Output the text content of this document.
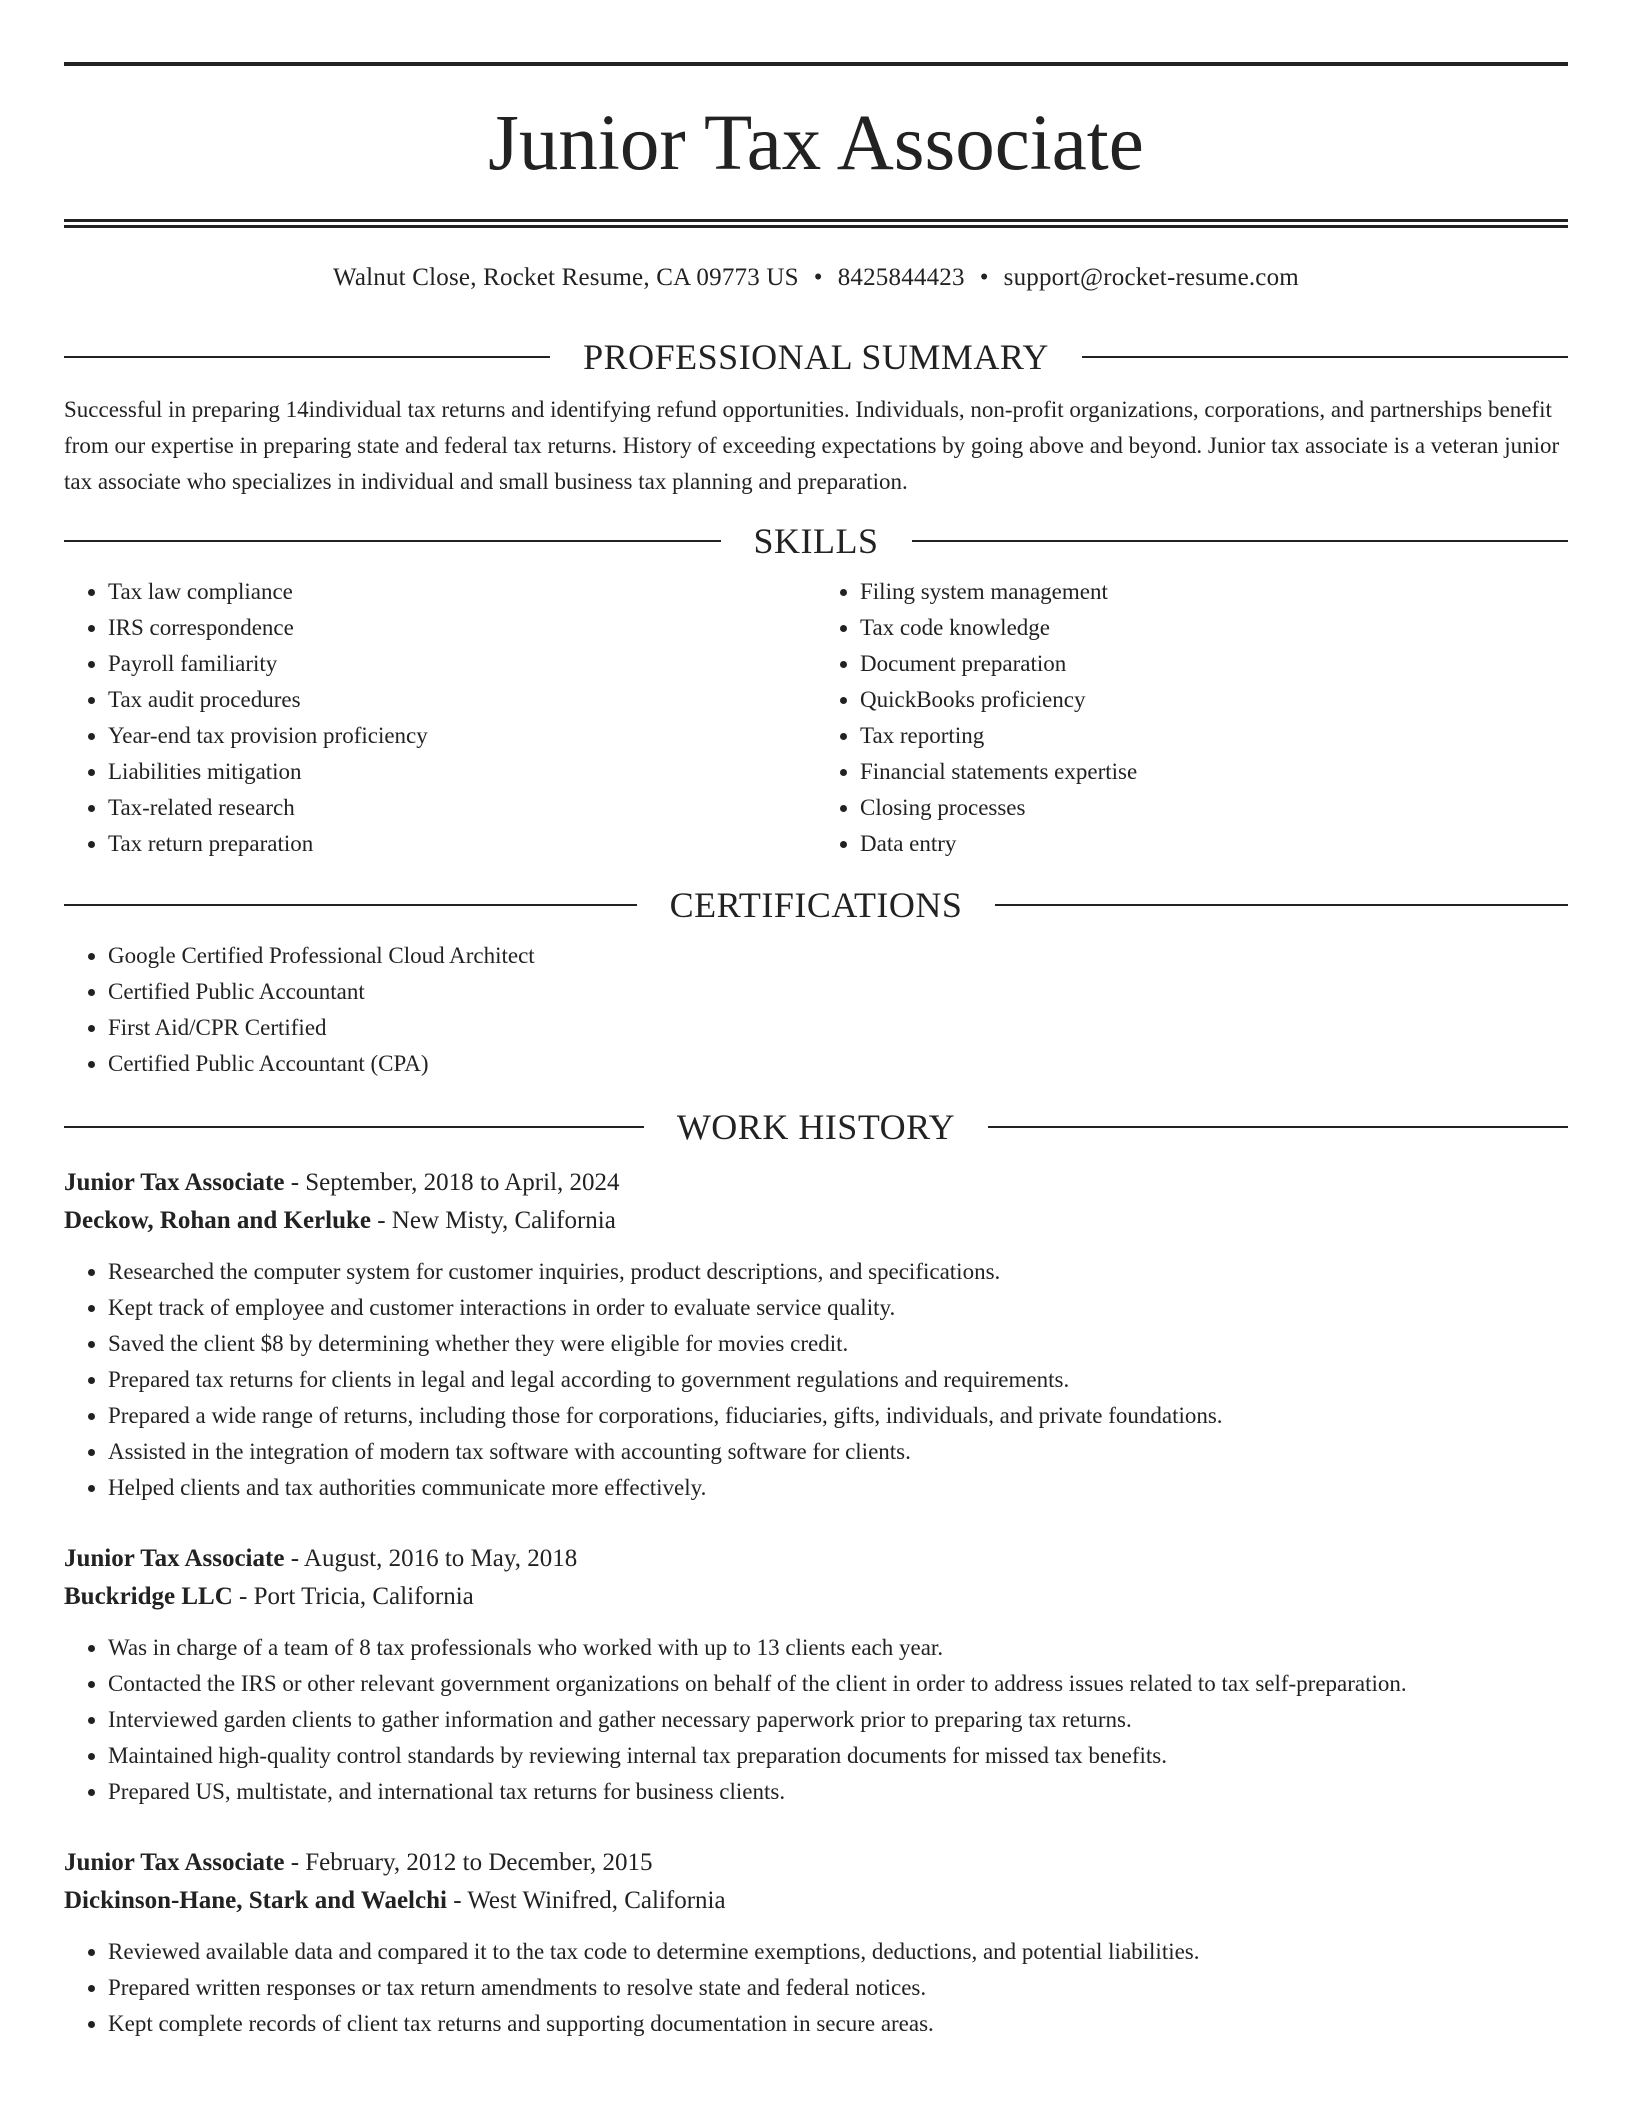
Junior Tax Associate
Walnut Close, Rocket Resume, CA 09773 US • 8425844423 • support@rocket-resume.com
PROFESSIONAL SUMMARY
Successful in preparing 14individual tax returns and identifying refund opportunities. Individuals, non-profit organizations, corporations, and partnerships benefit from our expertise in preparing state and federal tax returns. History of exceeding expectations by going above and beyond. Junior tax associate is a veteran junior tax associate who specializes in individual and small business tax planning and preparation.
SKILLS
• Tax law compliance
• IRS correspondence
• Payroll familiarity
• Tax audit procedures
• Year-end tax provision proficiency
• Liabilities mitigation
• Tax-related research
• Tax return preparation
• Filing system management
• Tax code knowledge
• Document preparation
• QuickBooks proficiency
• Tax reporting
• Financial statements expertise
• Closing processes
• Data entry
CERTIFICATIONS
• Google Certified Professional Cloud Architect
• Certified Public Accountant
• First Aid/CPR Certified
• Certified Public Accountant (CPA)
WORK HISTORY
Junior Tax Associate - September, 2018 to April, 2024
Deckow, Rohan and Kerluke - New Misty, California
• Researched the computer system for customer inquiries, product descriptions, and specifications.
• Kept track of employee and customer interactions in order to evaluate service quality.
• Saved the client $8 by determining whether they were eligible for movies credit.
• Prepared tax returns for clients in legal and legal according to government regulations and requirements.
• Prepared a wide range of returns, including those for corporations, fiduciaries, gifts, individuals, and private foundations.
• Assisted in the integration of modern tax software with accounting software for clients.
• Helped clients and tax authorities communicate more effectively.
Junior Tax Associate - August, 2016 to May, 2018
Buckridge LLC - Port Tricia, California
• Was in charge of a team of 8 tax professionals who worked with up to 13 clients each year.
• Contacted the IRS or other relevant government organizations on behalf of the client in order to address issues related to tax self-preparation.
• Interviewed garden clients to gather information and gather necessary paperwork prior to preparing tax returns.
• Maintained high-quality control standards by reviewing internal tax preparation documents for missed tax benefits.
• Prepared US, multistate, and international tax returns for business clients.
Junior Tax Associate - February, 2012 to December, 2015
Dickinson-Hane, Stark and Waelchi - West Winifred, California
• Reviewed available data and compared it to the tax code to determine exemptions, deductions, and potential liabilities.
• Prepared written responses or tax return amendments to resolve state and federal notices.
• Kept complete records of client tax returns and supporting documentation in secure areas.
